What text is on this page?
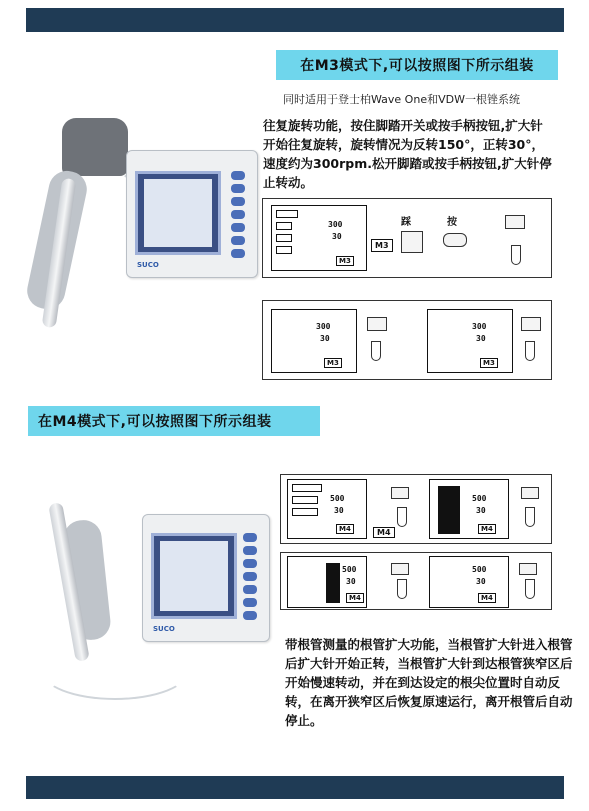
在M3模式下,可以按照图下所示组装
同时适用于登士柏Wave One和VDW一根锉系统
往复旋转功能，按住脚踏开关或按手柄按钮,扩大针开始往复旋转，旋转情况为反转150°，正转30°，速度约为300rpm.松开脚踏或按手柄按钮,扩大针停止转动。
SUCO
300
30
M3
M3
踩	按
300
30
M3
300
30
M3
在M4模式下,可以按照图下所示组装
SUCO
500
30
M4	M4
500
30
M4
500
30
M4
500
30
M4
带根管测量的根管扩大功能，当根管扩大针进入根管后扩大针开始正转，当根管扩大针到达根管狭窄区后开始慢速转动，并在到达设定的根尖位置时自动反转，在离开狭窄区后恢复原速运行，离开根管后自动停止。
